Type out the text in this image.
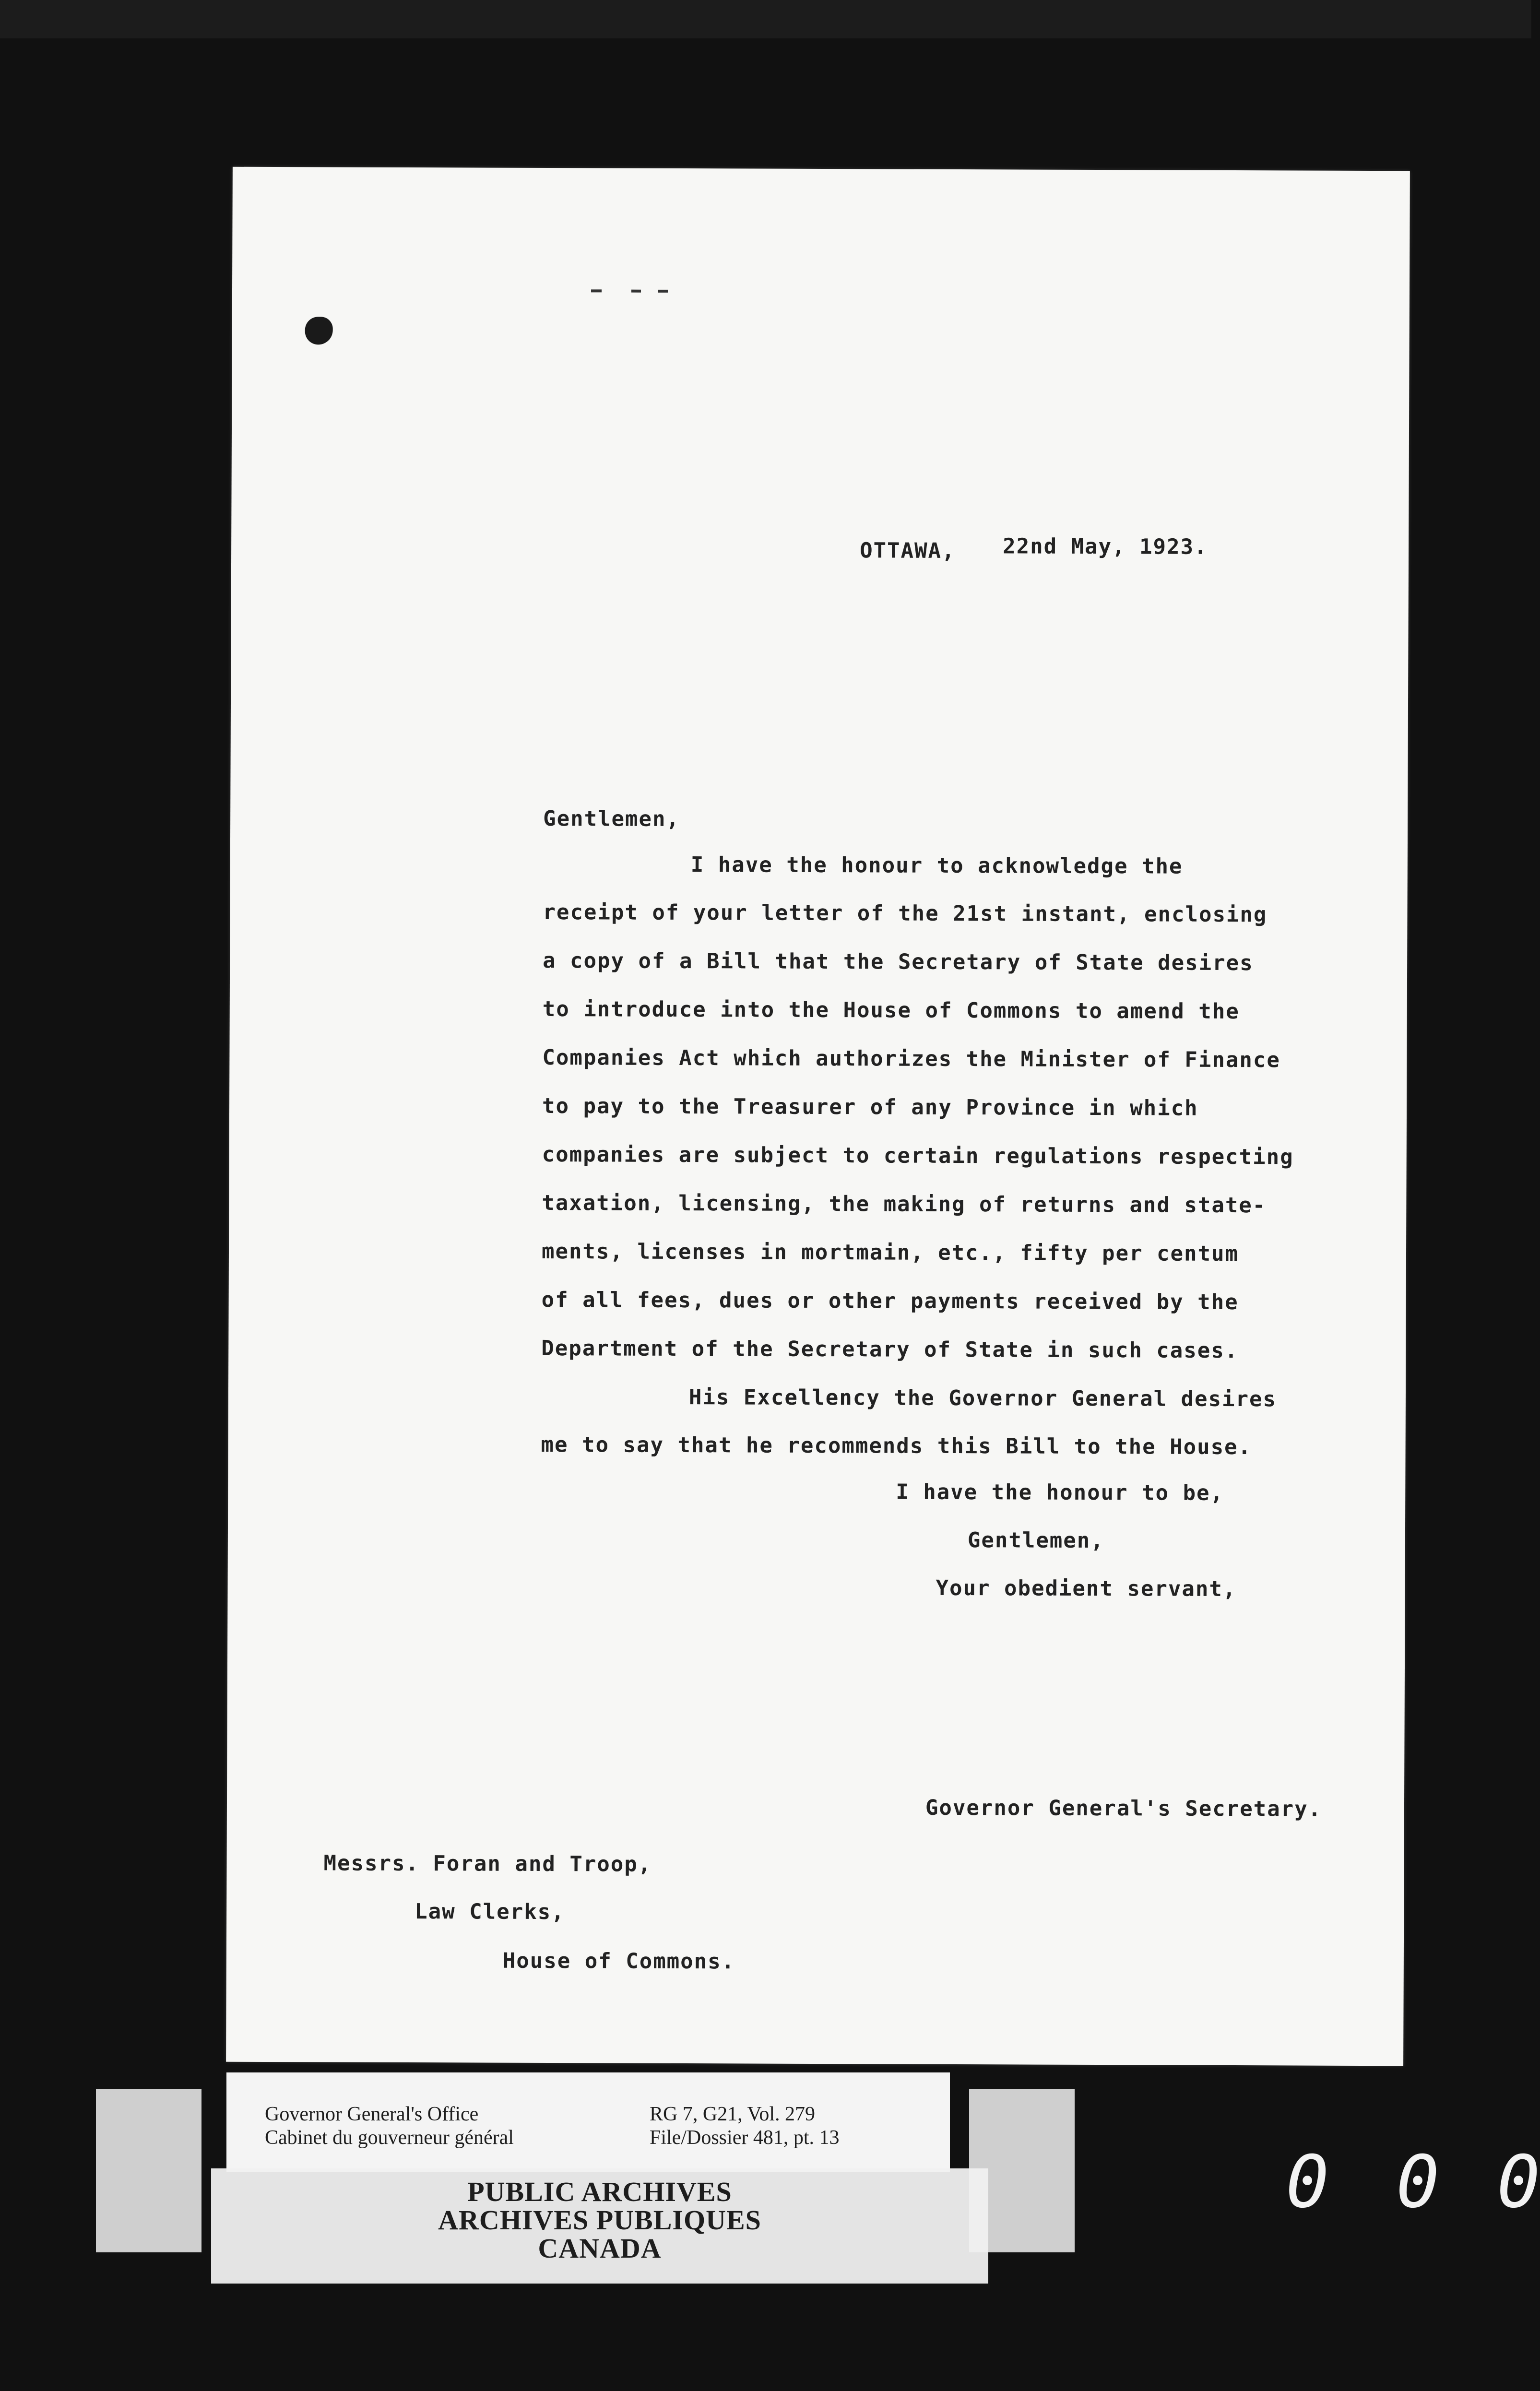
OTTAWA, 22nd May, 1923.
Gentlemen,
I have the honour to acknowledge the
receipt of your letter of the 21st instant, enclosing
a copy of a Bill that the Secretary of State desires
to introduce into the House of Commons to amend the
Companies Act which authorizes the Minister of Finance
to pay to the Treasurer of any Province in which
companies are subject to certain regulations respecting
taxation, licensing, the making of returns and state-
ments, licenses in mortmain, etc., fifty per centum
of all fees, dues or other payments received by the
Department of the Secretary of State in such cases.
His Excellency the Governor General desires
me to say that he recommends this Bill to the House.
I have the honour to be,
Gentlemen,
Your obedient servant,
Governor General's Secretary.
Messrs. Foran and Troop,
Law Clerks,
House of Commons.
Governor General's Office
Cabinet du gouverneur général
RG 7, G21, Vol. 279
File/Dossier 481, pt. 13
PUBLIC ARCHIVES
ARCHIVES PUBLIQUES
CANADA
0 0 0
